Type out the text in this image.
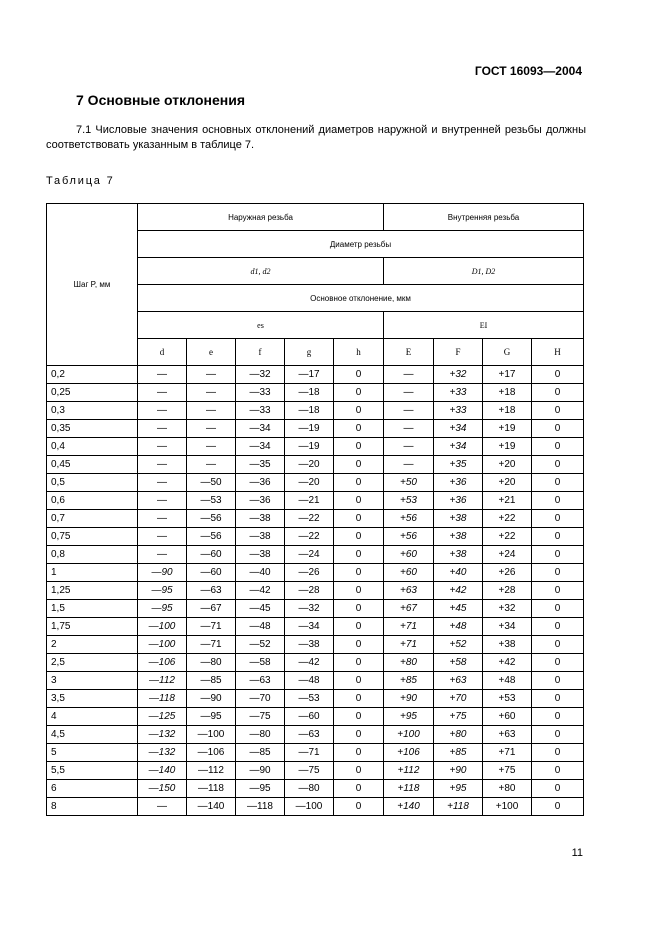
ГОСТ 16093—2004
7 Основные отклонения

7.1 Числовые значения основных отклонений диаметров наружной и внутренней резьбы должны соответствовать указанным в таблице 7.

Таблица 7
Шаг P, мм	Наружная резьба					Внутренняя резьба			
	Диаметр резьбы								
	d1, d2					D1, D2			
	Основное отклонение, мкм								
	es					EI			
	d	e	f	g	h	E	F	G	H
0,2	—	—	—32	—17	0	—	+32	+17	0
0,25	—	—	—33	—18	0	—	+33	+18	0
0,3	—	—	—33	—18	0	—	+33	+18	0
0,35	—	—	—34	—19	0	—	+34	+19	0
0,4	—	—	—34	—19	0	—	+34	+19	0
0,45	—	—	—35	—20	0	—	+35	+20	0
0,5	—	—50	—36	—20	0	+50	+36	+20	0
0,6	—	—53	—36	—21	0	+53	+36	+21	0
0,7	—	—56	—38	—22	0	+56	+38	+22	0
0,75	—	—56	—38	—22	0	+56	+38	+22	0
0,8	—	—60	—38	—24	0	+60	+38	+24	0
1	—90	—60	—40	—26	0	+60	+40	+26	0
1,25	—95	—63	—42	—28	0	+63	+42	+28	0
1,5	—95	—67	—45	—32	0	+67	+45	+32	0
1,75	—100	—71	—48	—34	0	+71	+48	+34	0
2	—100	—71	—52	—38	0	+71	+52	+38	0
2,5	—106	—80	—58	—42	0	+80	+58	+42	0
3	—112	—85	—63	—48	0	+85	+63	+48	0
3,5	—118	—90	—70	—53	0	+90	+70	+53	0
4	—125	—95	—75	—60	0	+95	+75	+60	0
4,5	—132	—100	—80	—63	0	+100	+80	+63	0
5	—132	—106	—85	—71	0	+106	+85	+71	0
5,5	—140	—112	—90	—75	0	+112	+90	+75	0
6	—150	—118	—95	—80	0	+118	+95	+80	0
8	—	—140	—118	—100	0	+140	+118	+100	0
11
